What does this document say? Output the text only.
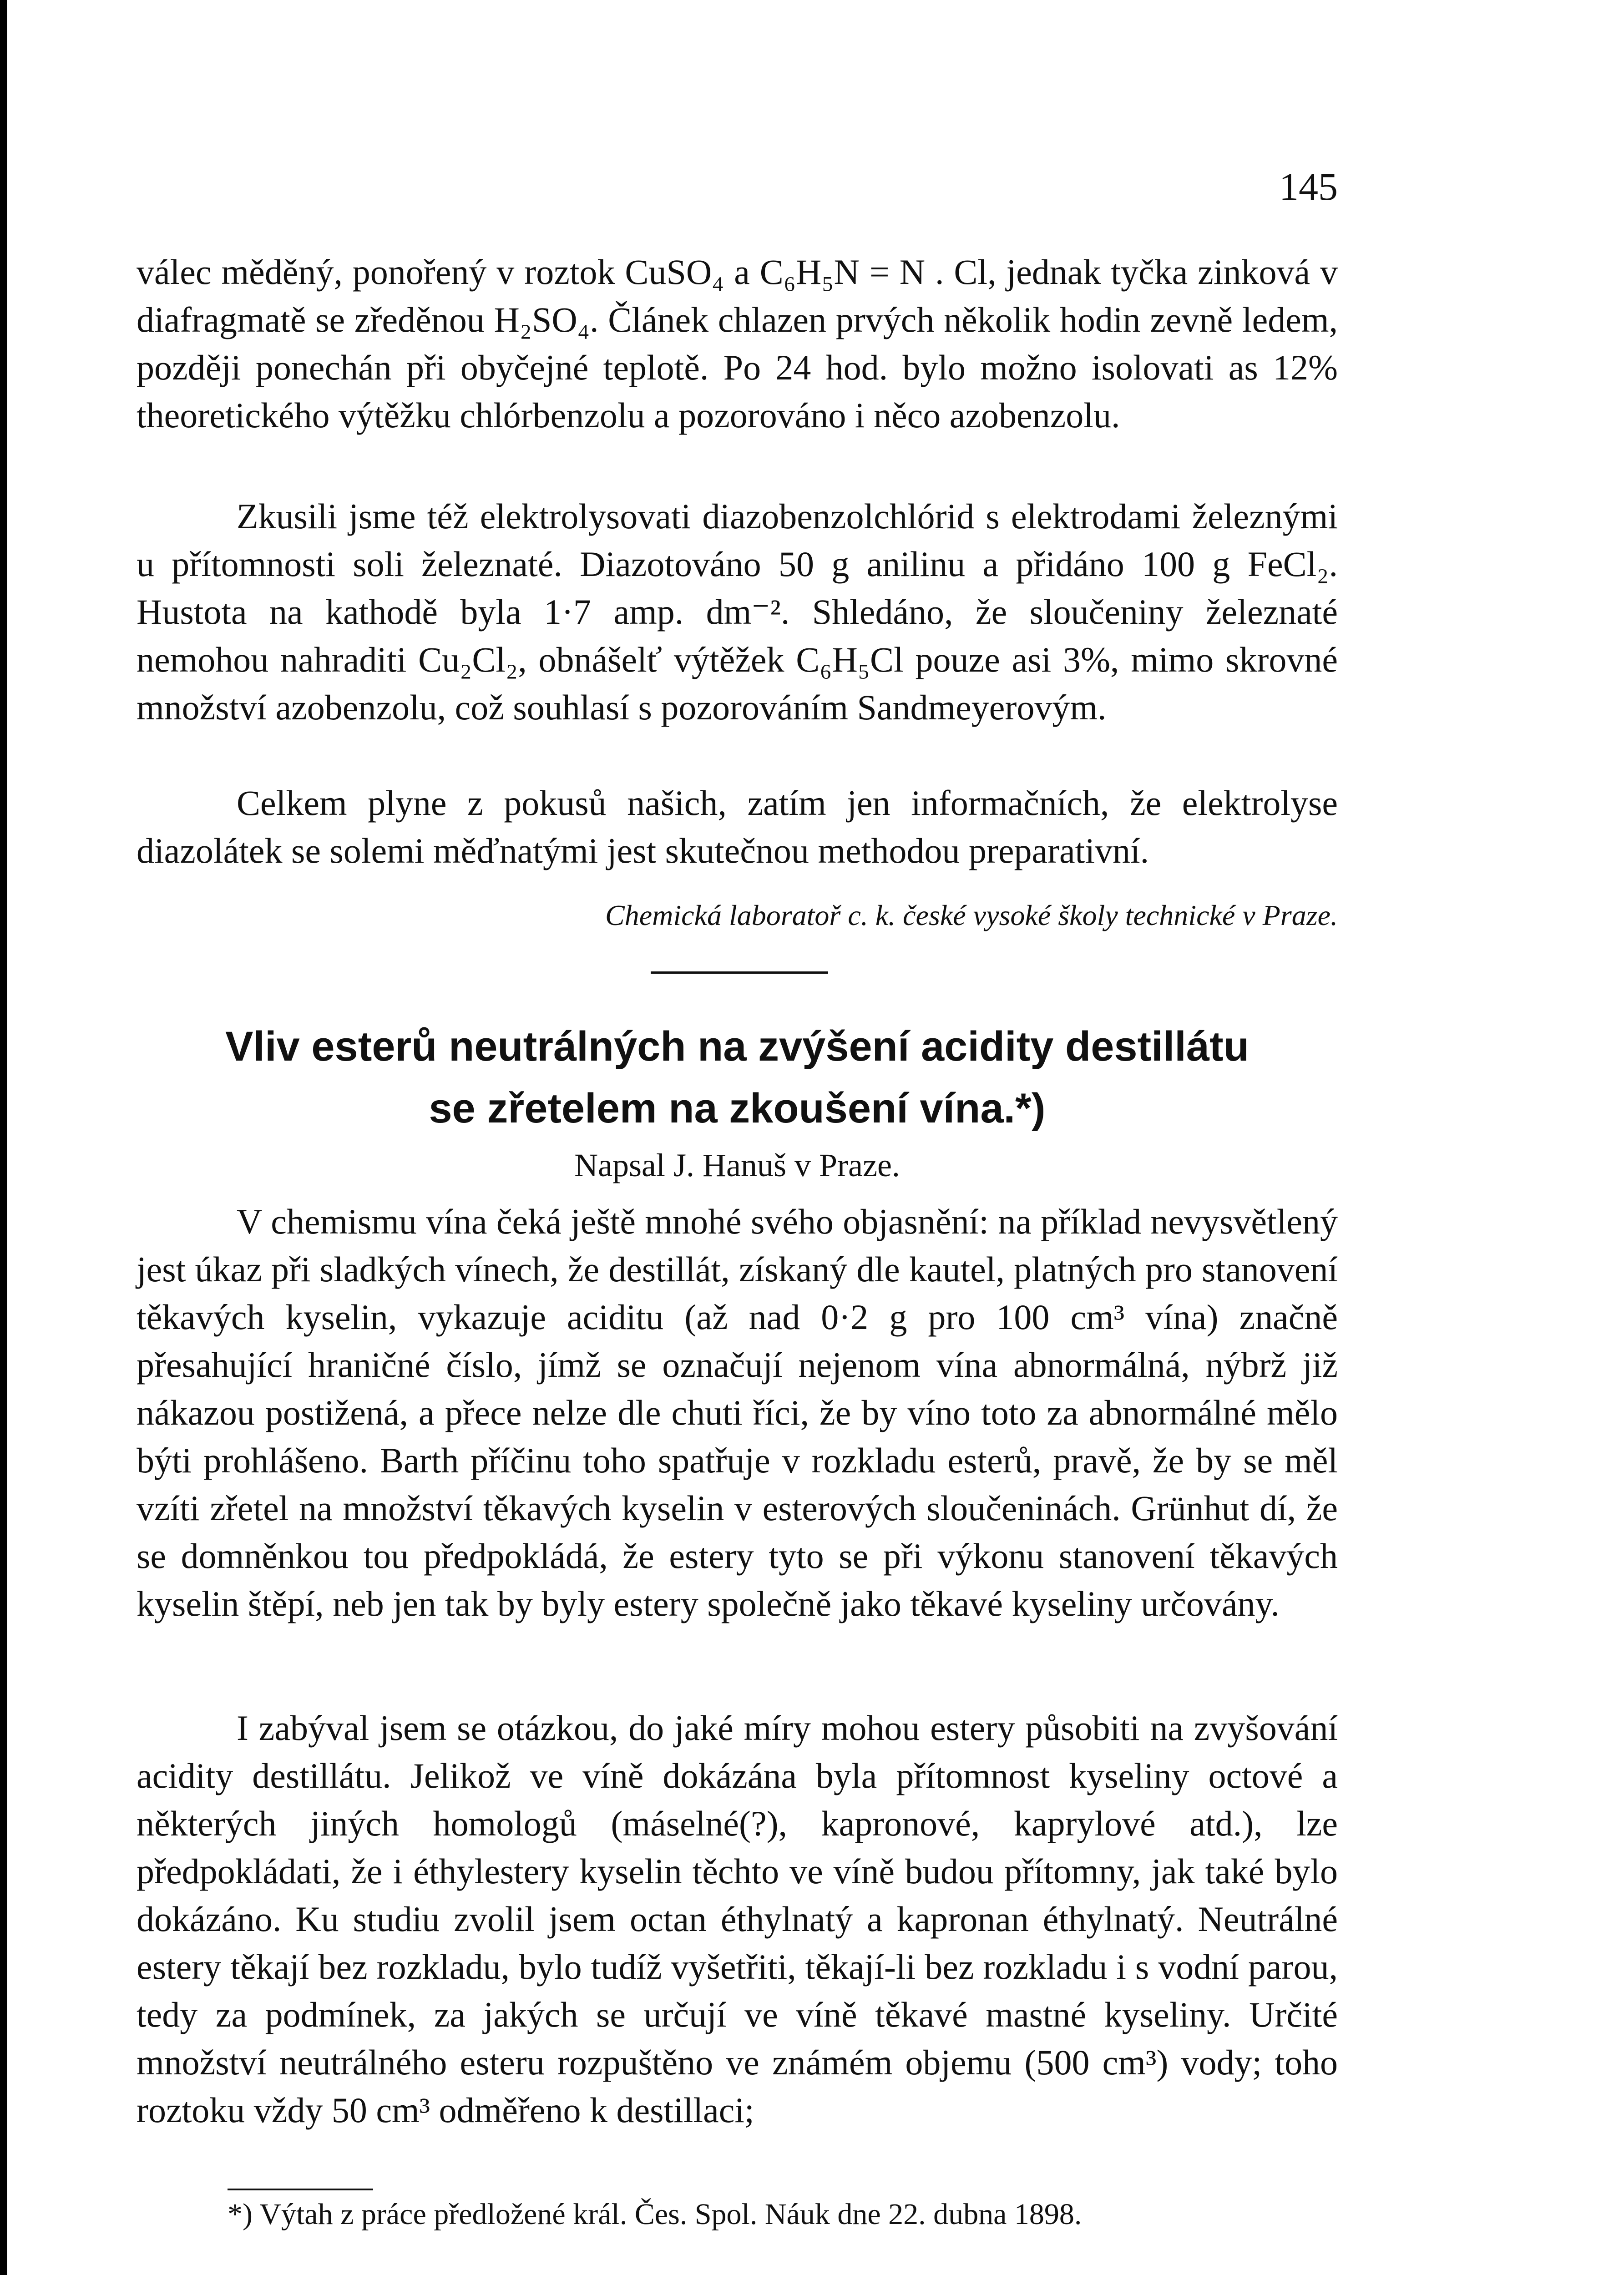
145

válec měděný, ponořený v roztok CuSO₄ a C₆H₅N = N . Cl, jednak tyčka zinková v diafragmatě se zředěnou H₂SO₄. Článek chlazen prvých několik hodin zevně ledem, později ponechán při obyčejné teplotě. Po 24 hod. bylo možno isolovati as 12% theoretického výtěžku chlórbenzolu a pozorováno i něco azobenzolu.

Zkusili jsme též elektrolysovati diazobenzolchlórid s elektrodami železnými u přítomnosti soli železnaté. Diazotováno 50 g anilinu a přidáno 100 g FeCl₂. Hustota na kathodě byla 1·7 amp. dm⁻². Shledáno, že sloučeniny železnaté nemohou nahraditi Cu₂Cl₂, obnášelť výtěžek C₆H₅Cl pouze asi 3%, mimo skrovné množství azobenzolu, což souhlasí s pozorováním Sandmeyerovým.

Celkem plyne z pokusů našich, zatím jen informačních, že elektrolyse diazolátek se solemi měďnatými jest skutečnou methodou preparativní.

Chemická laboratoř c. k. české vysoké školy technické v Praze.
Vliv esterů neutrálných na zvýšení acidity destillátu
se zřetelem na zkoušení vína.*)
Napsal J. Hanuš v Praze.

V chemismu vína čeká ještě mnohé svého objasnění: na příklad nevysvětlený jest úkaz při sladkých vínech, že destillát, získaný dle kautel, platných pro stanovení těkavých kyselin, vykazuje aciditu (až nad 0·2 g pro 100 cm³ vína) značně přesahující hraničné číslo, jímž se označují nejenom vína abnormálná, nýbrž již nákazou postižená, a přece nelze dle chuti říci, že by víno toto za abnormálné mělo býti prohlášeno. Barth příčinu toho spatřuje v rozkladu esterů, pravě, že by se měl vzíti zřetel na množství těkavých kyselin v esterových sloučeninách. Grünhut dí, že se domněnkou tou předpokládá, že estery tyto se při výkonu stanovení těkavých kyselin štěpí, neb jen tak by byly estery společně jako těkavé kyseliny určovány.

I zabýval jsem se otázkou, do jaké míry mohou estery působiti na zvyšování acidity destillátu. Jelikož ve víně dokázána byla přítomnost kyseliny octové a některých jiných homologů (máselné(?), kapronové, kaprylové atd.), lze předpokládati, že i éthylestery kyselin těchto ve víně budou přítomny, jak také bylo dokázáno. Ku studiu zvolil jsem octan éthylnatý a kapronan éthylnatý. Neutrálné estery těkají bez rozkladu, bylo tudíž vyšetřiti, těkají-li bez rozkladu i s vodní parou, tedy za podmínek, za jakých se určují ve víně těkavé mastné kyseliny. Určité množství neutrálného esteru rozpuštěno ve známém objemu (500 cm³) vody; toho roztoku vždy 50 cm³ odměřeno k destillaci;

*) Výtah z práce předložené král. Čes. Spol. Náuk dne 22. dubna 1898.
